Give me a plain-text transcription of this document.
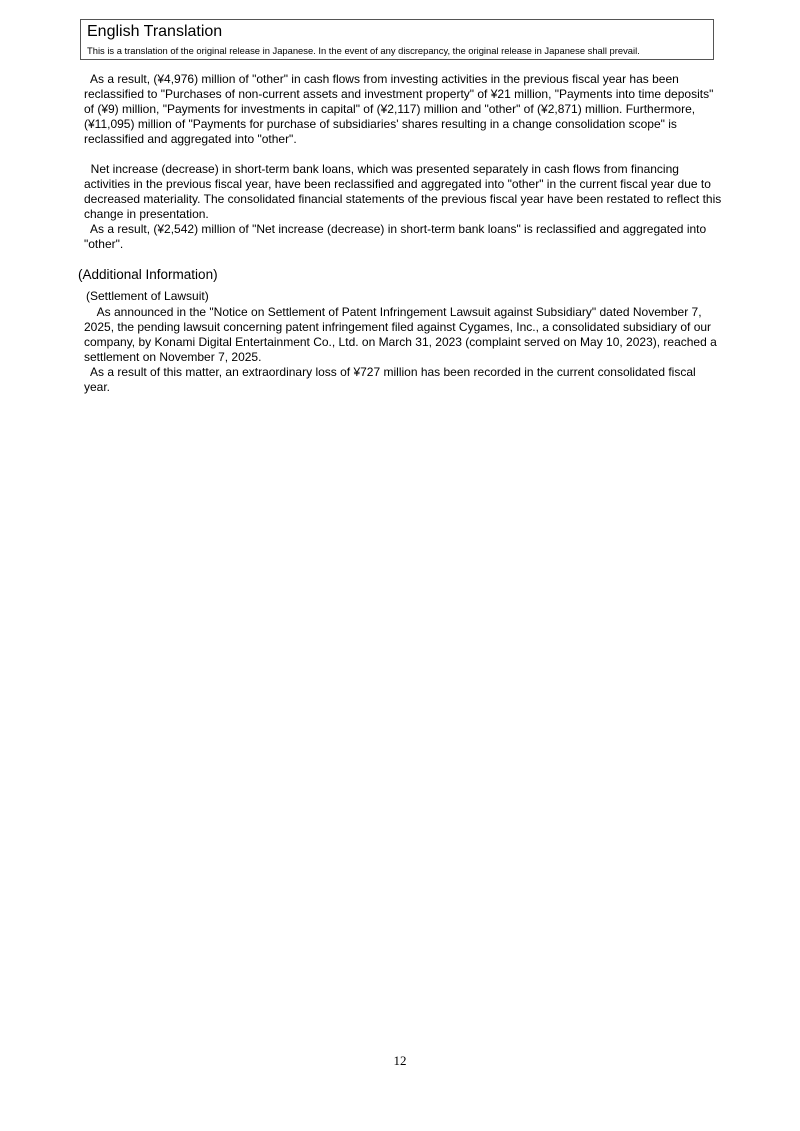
English Translation
This is a translation of the original release in Japanese. In the event of any discrepancy, the original release in Japanese shall prevail.

As a result, (¥4,976) million of "other" in cash flows from investing activities in the previous fiscal year has been

reclassified to "Purchases of non-current assets and investment property" of ¥21 million, "Payments into time deposits"

of (¥9) million, "Payments for investments in capital" of (¥2,117) million and "other" of (¥2,871) million. Furthermore,

(¥11,095) million of "Payments for purchase of subsidiaries' shares resulting in a change consolidation scope" is

reclassified and aggregated into "other".

Net increase (decrease) in short-term bank loans, which was presented separately in cash flows from financing

activities in the previous fiscal year, have been reclassified and aggregated into "other" in the current fiscal year due to

decreased materiality. The consolidated financial statements of the previous fiscal year have been restated to reflect this

change in presentation.

As a result, (¥2,542) million of "Net increase (decrease) in short-term bank loans" is reclassified and aggregated into

"other".

(Additional Information)
(Settlement of Lawsuit)

As announced in the "Notice on Settlement of Patent Infringement Lawsuit against Subsidiary" dated November 7,

2025, the pending lawsuit concerning patent infringement filed against Cygames, Inc., a consolidated subsidiary of our

company, by Konami Digital Entertainment Co., Ltd. on March 31, 2023 (complaint served on May 10, 2023), reached a

settlement on November 7, 2025.

As a result of this matter, an extraordinary loss of ¥727 million has been recorded in the current consolidated fiscal

year.

12
